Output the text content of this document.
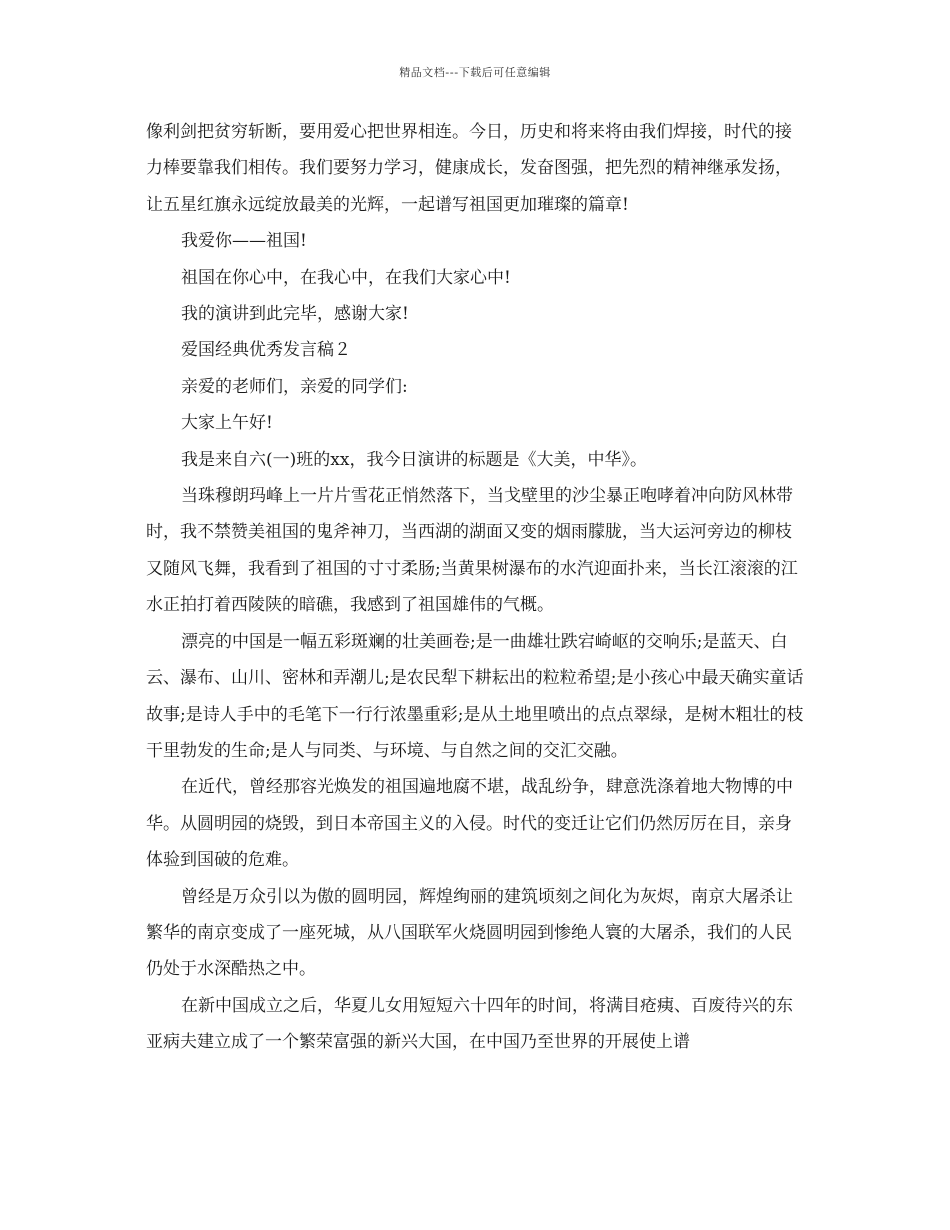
精品文档---下载后可任意编辑

像利剑把贫穷斩断，要用爱心把世界相连。今日，历史和将来将由我们焊接，时代的接力棒要靠我们相传。我们要努力学习，健康成长，发奋图强，把先烈的精神继承发扬，让五星红旗永远绽放最美的光辉，一起谱写祖国更加璀璨的篇章!

我爱你——祖国!

祖国在你心中，在我心中，在我们大家心中!

我的演讲到此完毕，感谢大家!

爱国经典优秀发言稿２

亲爱的老师们，亲爱的同学们:

大家上午好!

我是来自六(一)班的xx，我今日演讲的标题是《大美，中华》。

当珠穆朗玛峰上一片片雪花正悄然落下，当戈壁里的沙尘暴正咆哮着冲向防风林带时，我不禁赞美祖国的鬼斧神刀，当西湖的湖面又变的烟雨朦胧，当大运河旁边的柳枝又随风飞舞，我看到了祖国的寸寸柔肠;当黄果树瀑布的水汽迎面扑来，当长江滚滚的江水正拍打着西陵陕的暗礁，我感到了祖国雄伟的气概。

漂亮的中国是一幅五彩斑斓的壮美画卷;是一曲雄壮跌宕崎岖的交响乐;是蓝天、白云、瀑布、山川、密林和弄潮儿;是农民犁下耕耘出的粒粒希望;是小孩心中最天确实童话故事;是诗人手中的毛笔下一行行浓墨重彩;是从土地里喷出的点点翠绿，是树木粗壮的枝干里勃发的生命;是人与同类、与环境、与自然之间的交汇交融。

在近代，曾经那容光焕发的祖国遍地腐不堪，战乱纷争，肆意洗涤着地大物博的中华。从圆明园的烧毁，到日本帝国主义的入侵。时代的变迁让它们仍然厉厉在目，亲身体验到国破的危难。

曾经是万众引以为傲的圆明园，辉煌绚丽的建筑顷刻之间化为灰烬，南京大屠杀让繁华的南京变成了一座死城，从八国联军火烧圆明园到惨绝人寰的大屠杀，我们的人民仍处于水深酷热之中。

在新中国成立之后，华夏儿女用短短六十四年的时间，将满目疮痍、百废待兴的东亚病夫建立成了一个繁荣富强的新兴大国，在中国乃至世界的开展使上谱
